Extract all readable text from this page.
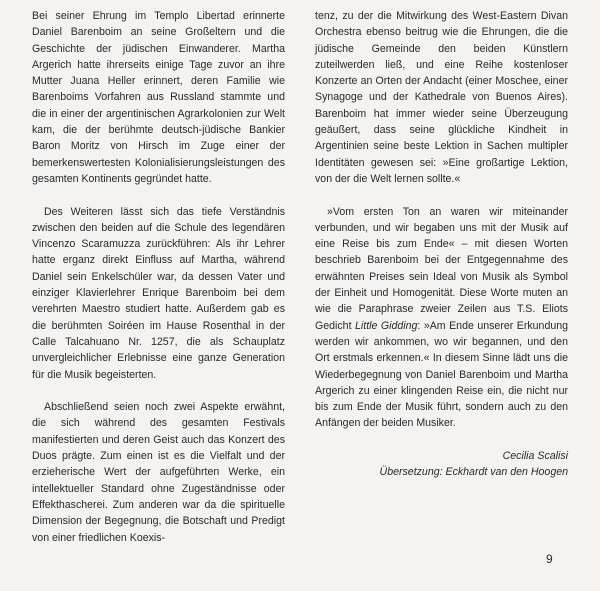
Bei seiner Ehrung im Templo Libertad erinnerte Daniel Barenboim an seine Großeltern und die Geschichte der jüdischen Einwanderer. Martha Argerich hatte ihrerseits einige Tage zuvor an ihre Mutter Juana Heller erinnert, deren Familie wie Barenboims Vorfahren aus Russland stammte und die in einer der argentinischen Agrarkolonien zur Welt kam, die der berühmte deutsch-jüdische Bankier Baron Moritz von Hirsch im Zuge einer der bemerkenswertesten Kolonialisierungsleistungen des gesamten Kontinents gegründet hatte.

Des Weiteren lässt sich das tiefe Verständnis zwischen den beiden auf die Schule des legendären Vincenzo Scaramuzza zurückführen: Als ihr Lehrer hatte erganz direkt Einfluss auf Martha, während Daniel sein Enkelschüler war, da dessen Vater und einziger Klavierlehrer Enrique Barenboim bei dem verehrten Maestro studiert hatte. Außerdem gab es die berühmten Soiréen im Hause Rosenthal in der Calle Talcahuano Nr. 1257, die als Schauplatz unvergleichlicher Erlebnisse eine ganze Generation für die Musik begeisterten.

Abschließend seien noch zwei Aspekte erwähnt, die sich während des gesamten Festivals manifestierten und deren Geist auch das Konzert des Duos prägte. Zum einen ist es die Vielfalt und der erzieherische Wert der aufgeführten Werke, ein intellektueller Standard ohne Zugeständnisse oder Effekthascherei. Zum anderen war da die spirituelle Dimension der Begegnung, die Botschaft und Predigt von einer friedlichen Koexis-

tenz, zu der die Mitwirkung des West-Eastern Divan Orchestra ebenso beitrug wie die Ehrungen, die die jüdische Gemeinde den beiden Künstlern zuteilwerden ließ, und eine Reihe kostenloser Konzerte an Orten der Andacht (einer Moschee, einer Synagoge und der Kathedrale von Buenos Aires). Barenboim hat immer wieder seine Überzeugung geäußert, dass seine glückliche Kindheit in Argentinien seine beste Lektion in Sachen multipler Identitäten gewesen sei: »Eine großartige Lektion, von der die Welt lernen sollte.«

»Vom ersten Ton an waren wir miteinander verbunden, und wir begaben uns mit der Musik auf eine Reise bis zum Ende« – mit diesen Worten beschrieb Barenboim bei der Entgegennahme des erwähnten Preises sein Ideal von Musik als Symbol der Einheit und Homogenität. Diese Worte muten an wie die Paraphrase zweier Zeilen aus T.S. Eliots Gedicht Little Gidding: »Am Ende unserer Erkundung werden wir ankommen, wo wir begannen, und den Ort erstmals erkennen.« In diesem Sinne lädt uns die Wiederbegegnung von Daniel Barenboim und Martha Argerich zu einer klingenden Reise ein, die nicht nur bis zum Ende der Musik führt, sondern auch zu den Anfängen der beiden Musiker.

Cecilia Scalisi

Übersetzung: Eckhardt van den Hoogen

9
